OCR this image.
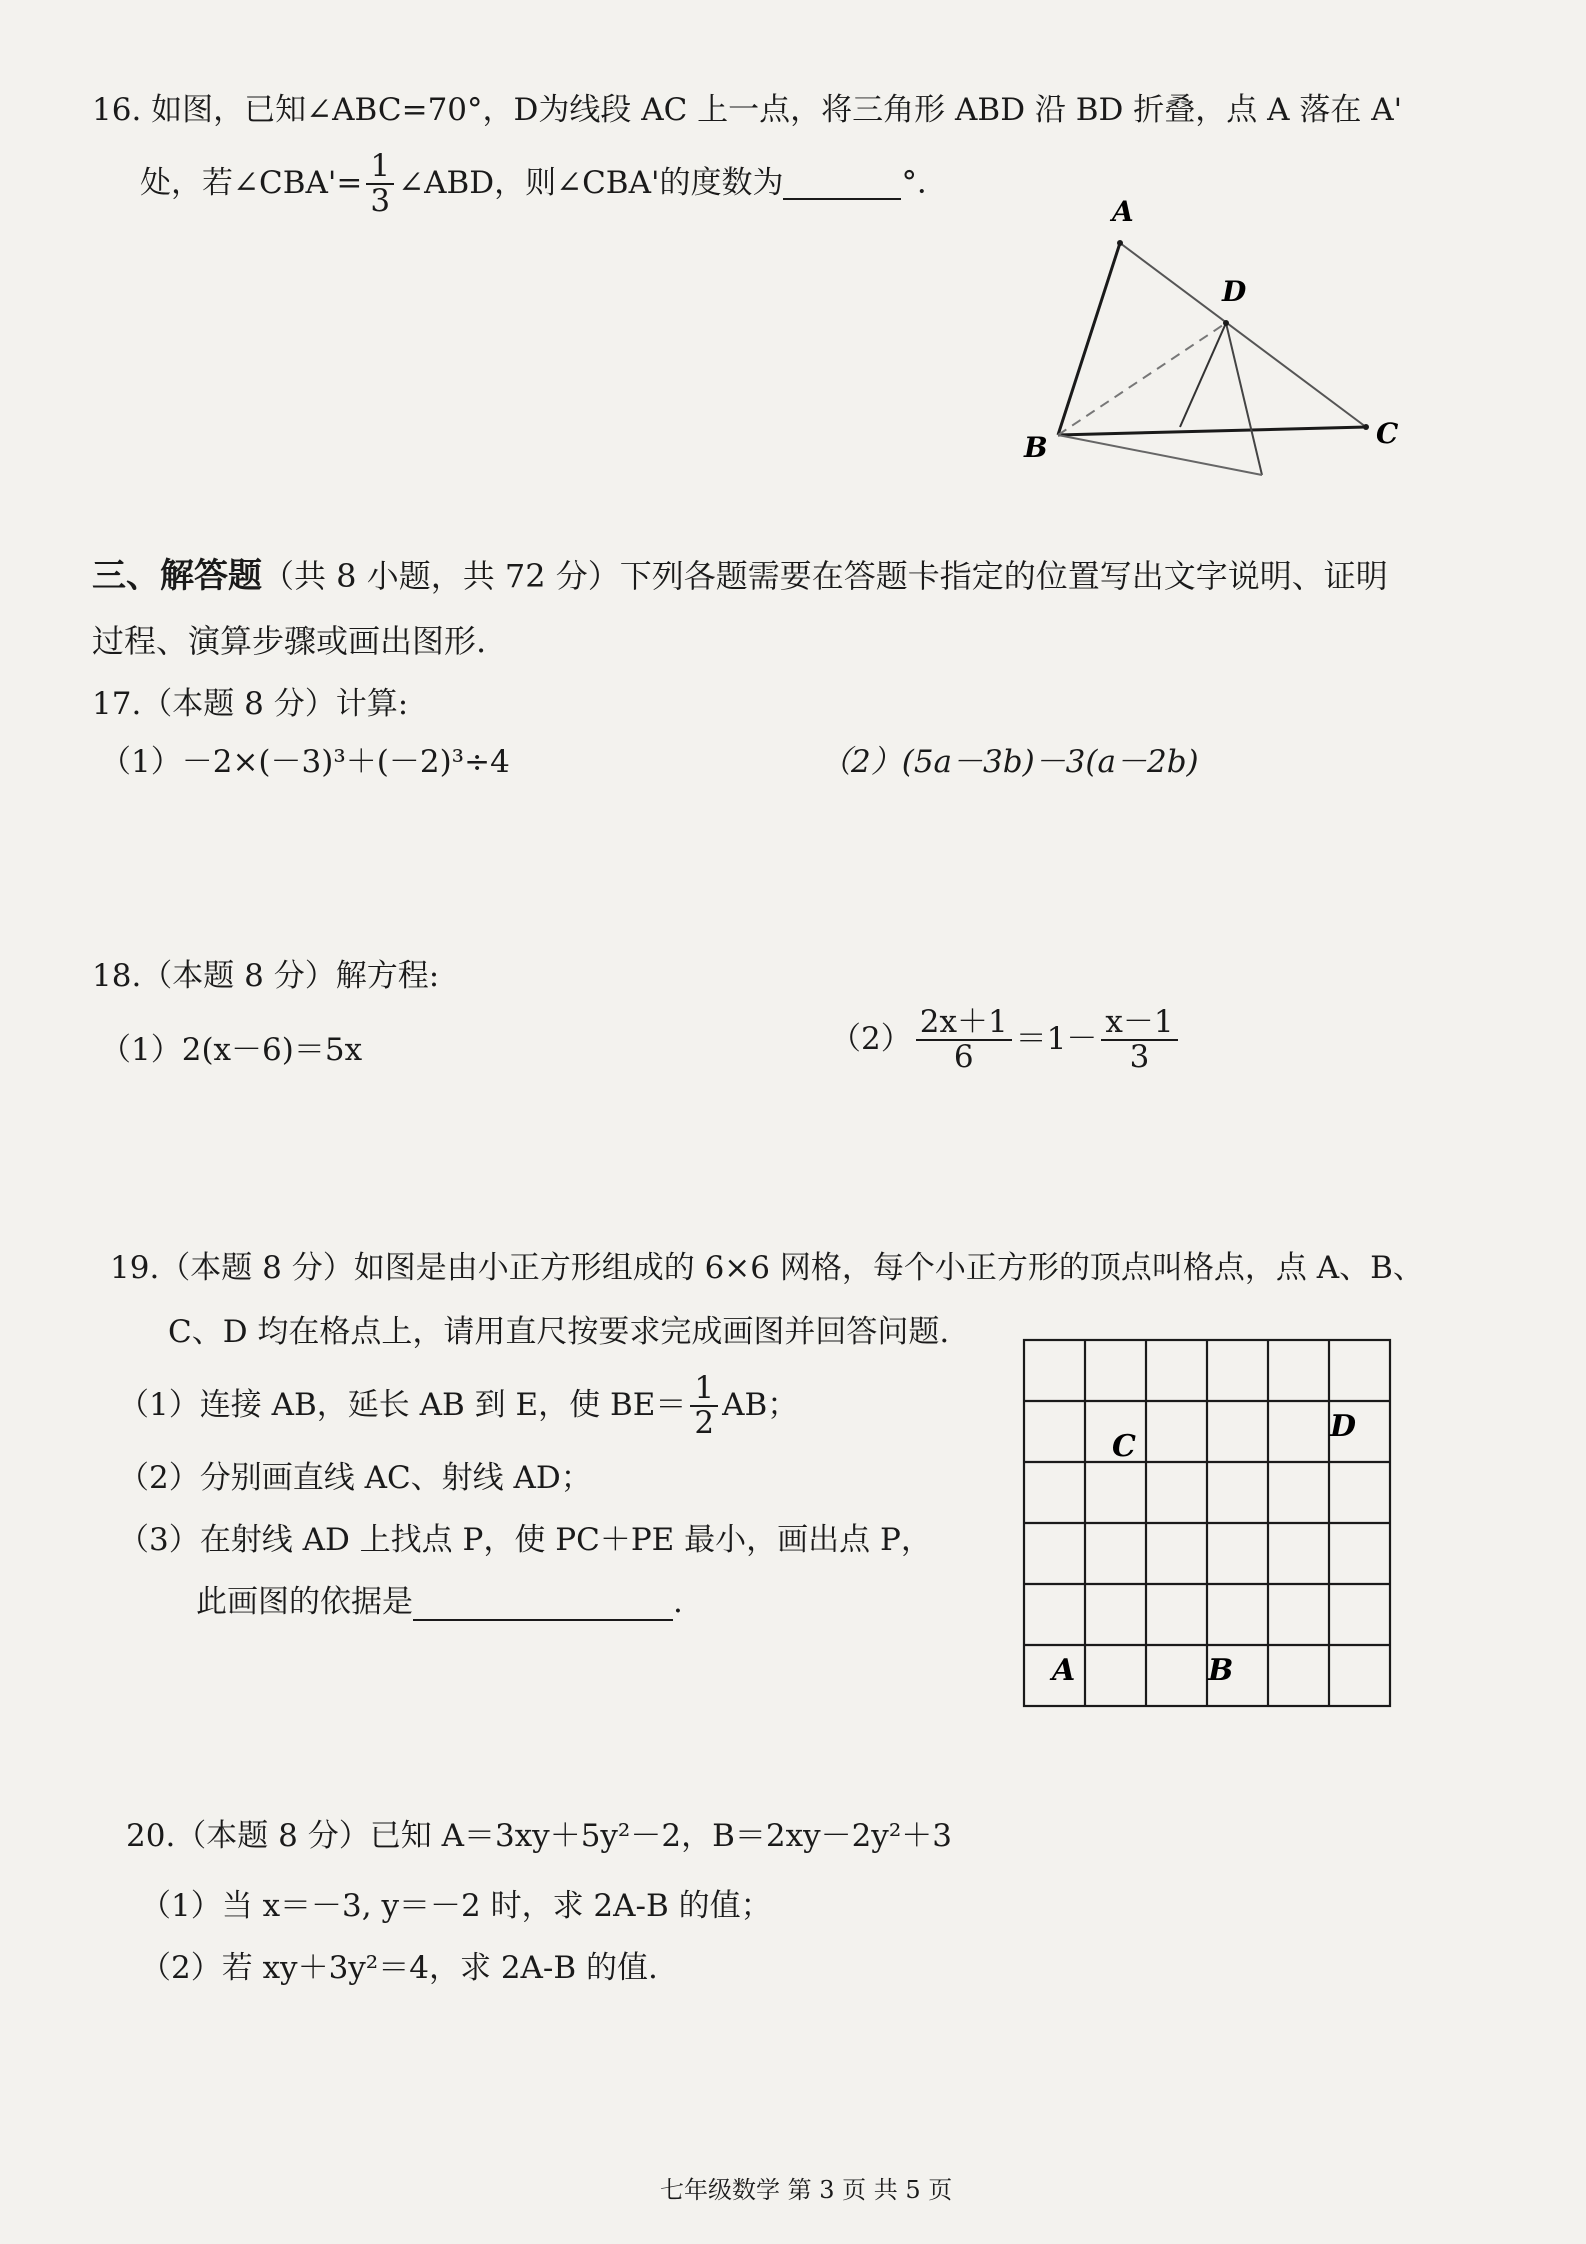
16. 如图，已知∠ABC=70°，D为线段 AC 上一点，将三角形 ABD 沿 BD 折叠，点 A 落在 A'
处，若∠CBA'= $\frac{1}{3}$ ∠ABD，则∠CBA'的度数为	°．
A
D
B	C
三、解答题（共 8 小题，共 72 分）下列各题需要在答题卡指定的位置写出文字说明、证明
过程、演算步骤或画出图形.
17.（本题 8 分）计算:
（1）－2×(－3)³＋(－2)³÷4	（2）(5a－3b)－3(a－2b)
18.（本题 8 分）解方程:
（1）2(x－6)＝5x	$(2) \frac{2x+1}{6} =1- \frac{x-1}{3}$
19.（本题 8 分）如图是由小正方形组成的 6×6 网格，每个小正方形的顶点叫格点，点 A、B、
C、D 均在格点上，请用直尺按要求完成画图并回答问题.
（1）连接 AB，延长 AB 到 E，使 $BE= \frac{1}{2}$ AB；
（2）分别画直线 AC、射线 AD；
（3）在射线 AD 上找点 P，使 PC＋PE 最小，画出点 P，
此画图的依据是	.
C
D
A	B
20.（本题 8 分）已知 A＝3xy＋5y²－2，B＝2xy－2y²＋3
（1）当 x＝－3, y＝－2 时，求 2A-B 的值；
（2）若 xy＋3y²＝4，求 2A-B 的值.
七年级数学 第 3 页 共 5 页
